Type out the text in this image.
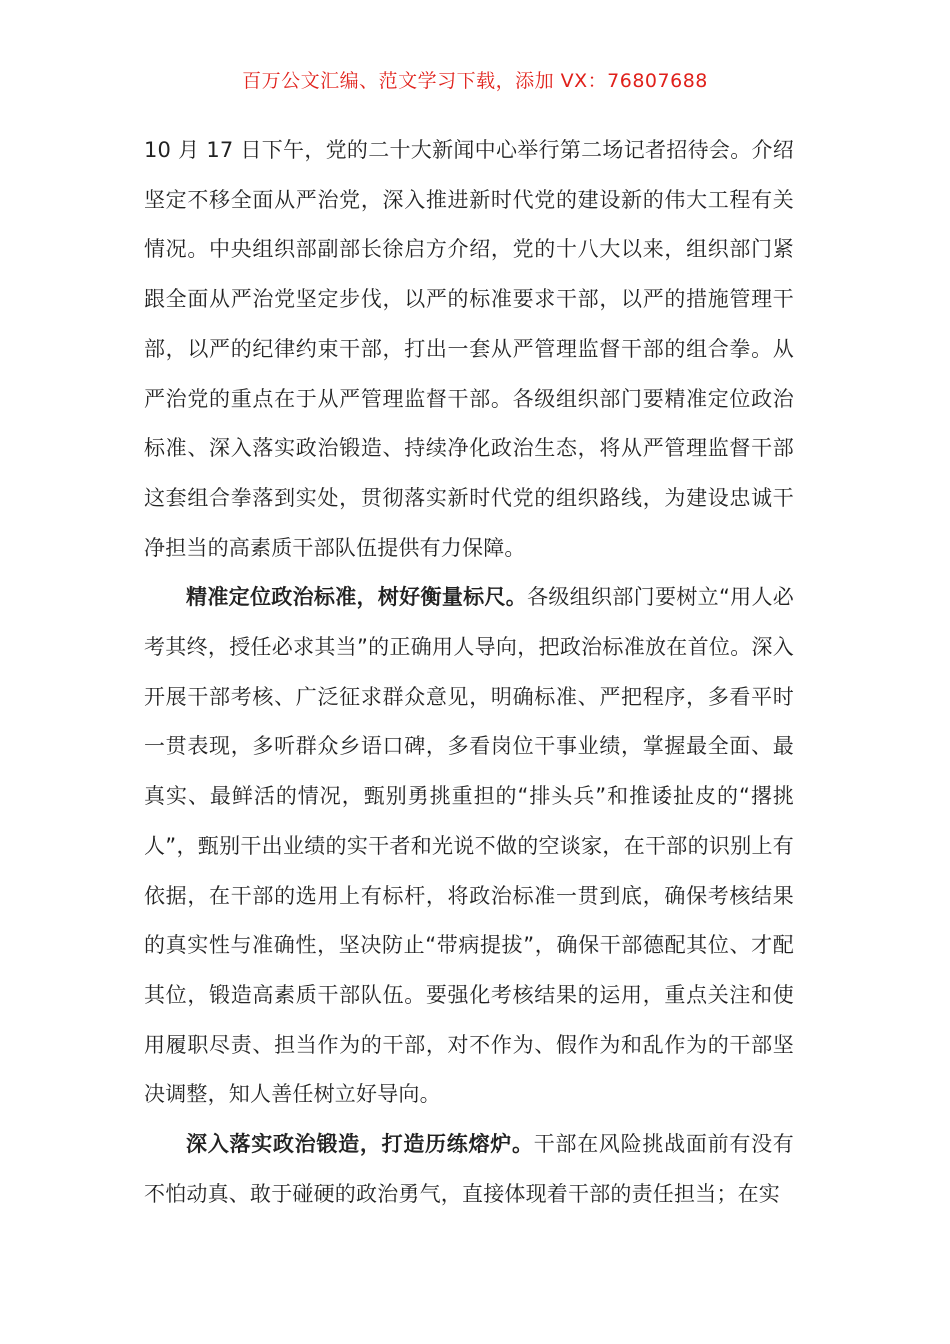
百万公文汇编、范文学习下载，添加 VX：76807688

10 月 17 日下午，党的二十大新闻中心举行第二场记者招待会。介绍坚定不移全面从严治党，深入推进新时代党的建设新的伟大工程有关情况。中央组织部副部长徐启方介绍，党的十八大以来，组织部门紧跟全面从严治党坚定步伐，以严的标准要求干部，以严的措施管理干部，以严的纪律约束干部，打出一套从严管理监督干部的组合拳。从严治党的重点在于从严管理监督干部。各级组织部门要精准定位政治标准、深入落实政治锻造、持续净化政治生态，将从严管理监督干部这套组合拳落到实处，贯彻落实新时代党的组织路线，为建设忠诚干净担当的高素质干部队伍提供有力保障。

精准定位政治标准，树好衡量标尺。各级组织部门要树立“用人必考其终，授任必求其当”的正确用人导向，把政治标准放在首位。深入开展干部考核、广泛征求群众意见，明确标准、严把程序，多看平时一贯表现，多听群众乡语口碑，多看岗位干事业绩，掌握最全面、最真实、最鲜活的情况，甄别勇挑重担的“排头兵”和推诿扯皮的“撂挑人”，甄别干出业绩的实干者和光说不做的空谈家，在干部的识别上有依据，在干部的选用上有标杆，将政治标准一贯到底，确保考核结果的真实性与准确性，坚决防止“带病提拔”，确保干部德配其位、才配其位，锻造高素质干部队伍。要强化考核结果的运用，重点关注和使用履职尽责、担当作为的干部，对不作为、假作为和乱作为的干部坚决调整，知人善任树立好导向。

深入落实政治锻造，打造历练熔炉。干部在风险挑战面前有没有不怕动真、敢于碰硬的政治勇气，直接体现着干部的责任担当；在实
